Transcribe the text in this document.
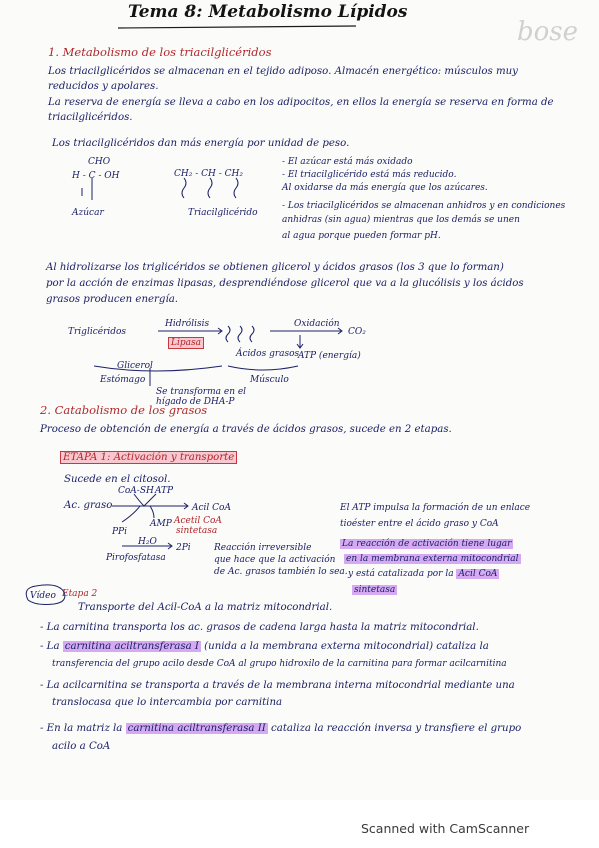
bose
Tema 8: Metabolismo Lípidos
1. Metabolismo de los triacilglicéridos
Los triacilglicéridos se almacenan en el tejido adiposo. Almacén energético: músculos muy
reducidos y apolares.
La reserva de energía se lleva a cabo en los adipocitos, en ellos la energía se reserva en forma de
triacilglicéridos.
Los triacilglicéridos dan más energía por unidad de peso.
CHO
H - C - OH
Azúcar
CH₂ - CH - CH₂
Triacilglicérido
- El azúcar está más oxidado
- El triacilglicérido está más reducido.
Al oxidarse da más energía que los azúcares.
- Los triacilglicéridos se almacenan anhidros y en condiciones
anhidras (sin agua) mientras que los demás se unen
al agua porque pueden formar pH.
Al hidrolizarse los triglicéridos se obtienen glicerol y ácidos grasos (los 3 que lo forman)
por la acción de enzimas lipasas, desprendiéndose glicerol que va a la glucólisis y los ácidos
grasos producen energía.
Triglicéridos
Hidrólisis
Lipasa
Ácidos grasos
Oxidación
CO₂
ATP (energía)
Glicerol
Estómago	Músculo
Se transforma en el
hígado de DHA-P
2. Catabolismo de los grasos
Proceso de obtención de energía a través de ácidos grasos, sucede en 2 etapas.
ETAPA 1: Activación y transporte
Sucede en el citosol.
CoA-SH ATP
Ac. graso	Acil CoA
Acetil CoA
sintetasa
PPi
AMP
H₂O
2Pi
Pirofosfatasa
Reacción irreversible
que hace que la activación
de Ac. grasos también lo sea.
El ATP impulsa la formación de un enlace
tioéster entre el ácido graso y CoA
La reacción de activación tiene lugar
en la membrana externa mitocondrial
y está catalizada por la Acil CoA
sintetasa
Vídeo Etapa 2
Transporte del Acil-CoA a la matriz mitocondrial.
- La carnitina transporta los ac. grasos de cadena larga hasta la matriz mitocondrial.
- La carnitina aciltransferasa I (unida a la membrana externa mitocondrial) cataliza la
transferencia del grupo acilo desde CoA al grupo hidroxilo de la carnitina para formar acilcarnitina
- La acilcarnitina se transporta a través de la membrana interna mitocondrial mediante una
translocasa que lo intercambia por carnitina
- En la matriz la carnitina aciltransferasa II cataliza la reacción inversa y transfiere el grupo
acilo a CoA
Scanned with CamScanner
